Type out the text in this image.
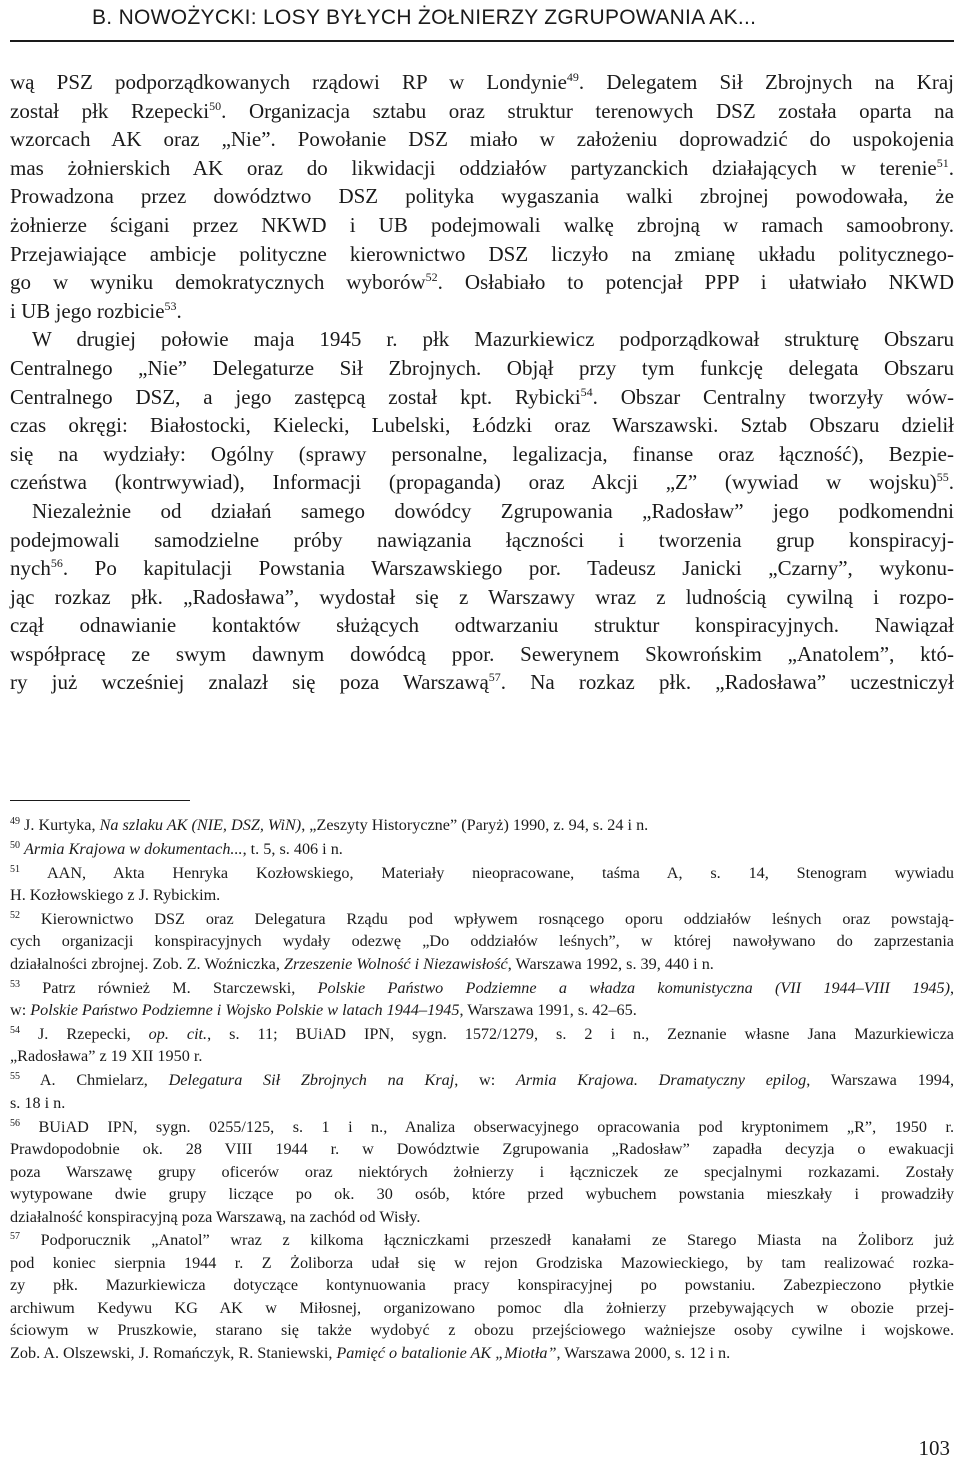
B. NOWOŻYCKI: LOSY BYŁYCH ŻOŁNIERZY ZGRUPOWANIA AK...
wą PSZ podporządkowanych rządowi RP w Londynie$^{49}$. Delegatem Sił Zbrojnych na Kraj
został płk Rzepecki$^{50}$. Organizacja sztabu oraz struktur terenowych DSZ została oparta na
wzorcach AK oraz „Nie”. Powołanie DSZ miało w założeniu doprowadzić do uspokojenia
mas żołnierskich AK oraz do likwidacji oddziałów partyzanckich działających w terenie$^{51}$.
Prowadzona przez dowództwo DSZ polityka wygaszania walki zbrojnej powodowała, że
żołnierze ścigani przez NKWD i UB podejmowali walkę zbrojną w ramach samoobrony.
Przejawiające ambicje polityczne kierownictwo DSZ liczyło na zmianę układu politycznego-
go w wyniku demokratycznych wyborów$^{52}$. Osłabiało to potencjał PPP i ułatwiało NKWD
i UB jego rozbicie$^{53}$.
W drugiej połowie maja 1945 r. płk Mazurkiewicz podporządkował strukturę Obszaru
Centralnego „Nie” Delegaturze Sił Zbrojnych. Objął przy tym funkcję delegata Obszaru
Centralnego DSZ, a jego zastępcą został kpt. Rybicki$^{54}$. Obszar Centralny tworzyły wów-
czas okręgi: Białostocki, Kielecki, Lubelski, Łódzki oraz Warszawski. Sztab Obszaru dzielił
się na wydziały: Ogólny (sprawy personalne, legalizacja, finanse oraz łączność), Bezpie-
czeństwa (kontrwywiad), Informacji (propaganda) oraz Akcji „Z” (wywiad w wojsku)$^{55}$.
Niezależnie od działań samego dowódcy Zgrupowania „Radosław” jego podkomendni
podejmowali samodzielne próby nawiązania łączności i tworzenia grup konspiracyj-
nych$^{56}$. Po kapitulacji Powstania Warszawskiego por. Tadeusz Janicki „Czarny”, wykonu-
jąc rozkaz płk. „Radosława”, wydostał się z Warszawy wraz z ludnością cywilną i rozpo-
czął odnawianie kontaktów służących odtwarzaniu struktur konspiracyjnych. Nawiązał
współpracę ze swym dawnym dowódcą ppor. Sewerynem Skowrońskim „Anatolem”, któ-
ry już wcześniej znalazł się poza Warszawą$^{57}$. Na rozkaz płk. „Radosława” uczestniczył
$^{49}$ J. Kurtyka, Na szlaku AK (NIE, DSZ, WiN), „Zeszyty Historyczne” (Paryż) 1990, z. 94, s. 24 i n.
$^{50}$ Armia Krajowa w dokumentach..., t. 5, s. 406 i n.
$^{51}$ AAN, Akta Henryka Kozłowskiego, Materiały nieopracowane, taśma A, s. 14, Stenogram wywiadu
H. Kozłowskiego z J. Rybickim.
$^{52}$ Kierownictwo DSZ oraz Delegatura Rządu pod wpływem rosnącego oporu oddziałów leśnych oraz powstają-
cych organizacji konspiracyjnych wydały odezwę „Do oddziałów leśnych”, w której nawoływano do zaprzestania
działalności zbrojnej. Zob. Z. Woźniczka, Zrzeszenie Wolność i Niezawisłość, Warszawa 1992, s. 39, 440 i n.
$^{53}$ Patrz również M. Starczewski, Polskie Państwo Podziemne a władza komunistyczna (VII 1944–VIII 1945),
w: Polskie Państwo Podziemne i Wojsko Polskie w latach 1944–1945, Warszawa 1991, s. 42–65.
$^{54}$ J. Rzepecki, op. cit., s. 11; BUiAD IPN, sygn. 1572/1279, s. 2 i n., Zeznanie własne Jana Mazurkiewicza
„Radosława” z 19 XII 1950 r.
$^{55}$ A. Chmielarz, Delegatura Sił Zbrojnych na Kraj, w: Armia Krajowa. Dramatyczny epilog, Warszawa 1994,
s. 18 i n.
$^{56}$ BUiAD IPN, sygn. 0255/125, s. 1 i n., Analiza obserwacyjnego opracowania pod kryptonimem „R”, 1950 r.
Prawdopodobnie ok. 28 VIII 1944 r. w Dowództwie Zgrupowania „Radosław” zapadła decyzja o ewakuacji
poza Warszawę grupy oficerów oraz niektórych żołnierzy i łączniczek ze specjalnymi rozkazami. Zostały
wytypowane dwie grupy liczące po ok. 30 osób, które przed wybuchem powstania mieszkały i prowadziły
działalność konspiracyjną poza Warszawą, na zachód od Wisły.
$^{57}$ Podporucznik „Anatol” wraz z kilkoma łączniczkami przeszedł kanałami ze Starego Miasta na Żoliborz już
pod koniec sierpnia 1944 r. Z Żoliborza udał się w rejon Grodziska Mazowieckiego, by tam realizować rozka-
zy płk. Mazurkiewicza dotyczące kontynuowania pracy konspiracyjnej po powstaniu. Zabezpieczono płytkie
archiwum Kedywu KG AK w Miłosnej, organizowano pomoc dla żołnierzy przebywających w obozie przej-
ściowym w Pruszkowie, starano się także wydobyć z obozu przejściowego ważniejsze osoby cywilne i wojskowe.
Zob. A. Olszewski, J. Romańczyk, R. Staniewski, Pamięć o batalionie AK „Miotła”, Warszawa 2000, s. 12 i n.
103
